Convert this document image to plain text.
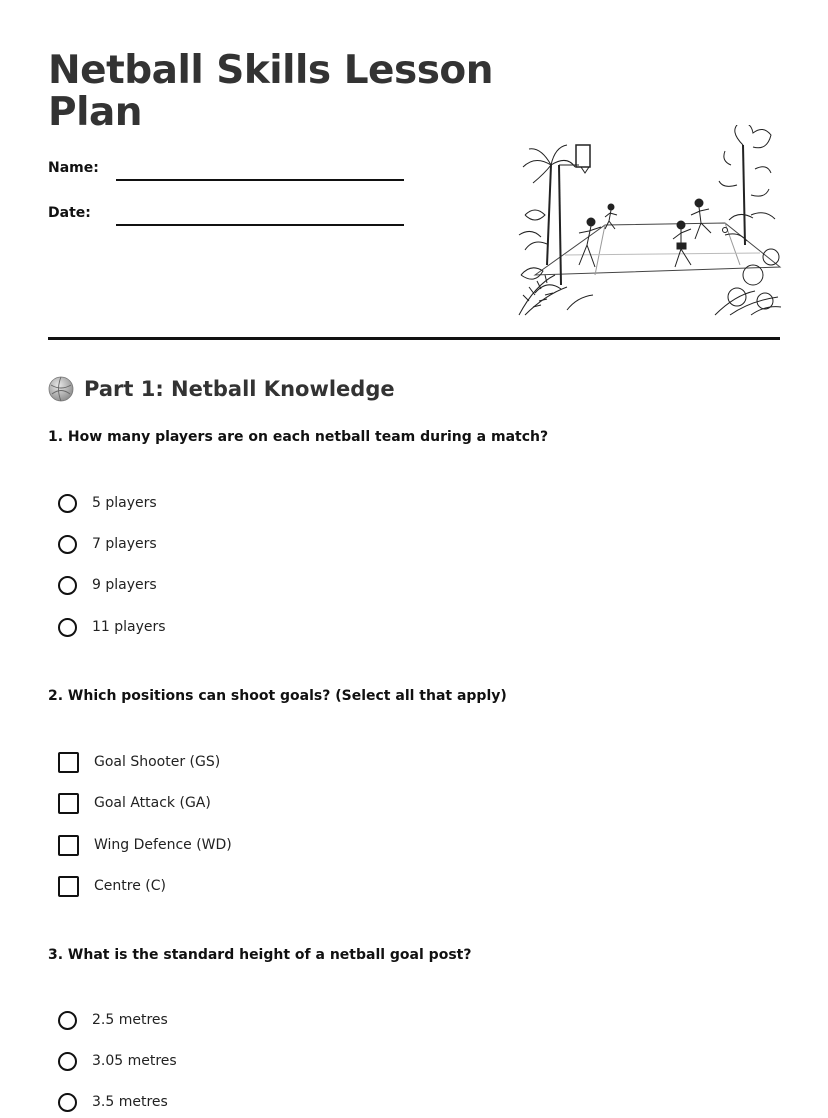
Netball Skills Lesson
Plan
Name:
Date:
Part 1: Netball Knowledge
1. How many players are on each netball team during a match?
5 players
7 players
9 players
11 players
2. Which positions can shoot goals? (Select all that apply)
Goal Shooter (GS)
Goal Attack (GA)
Wing Defence (WD)
Centre (C)
3. What is the standard height of a netball goal post?
2.5 metres
3.05 metres
3.5 metres
